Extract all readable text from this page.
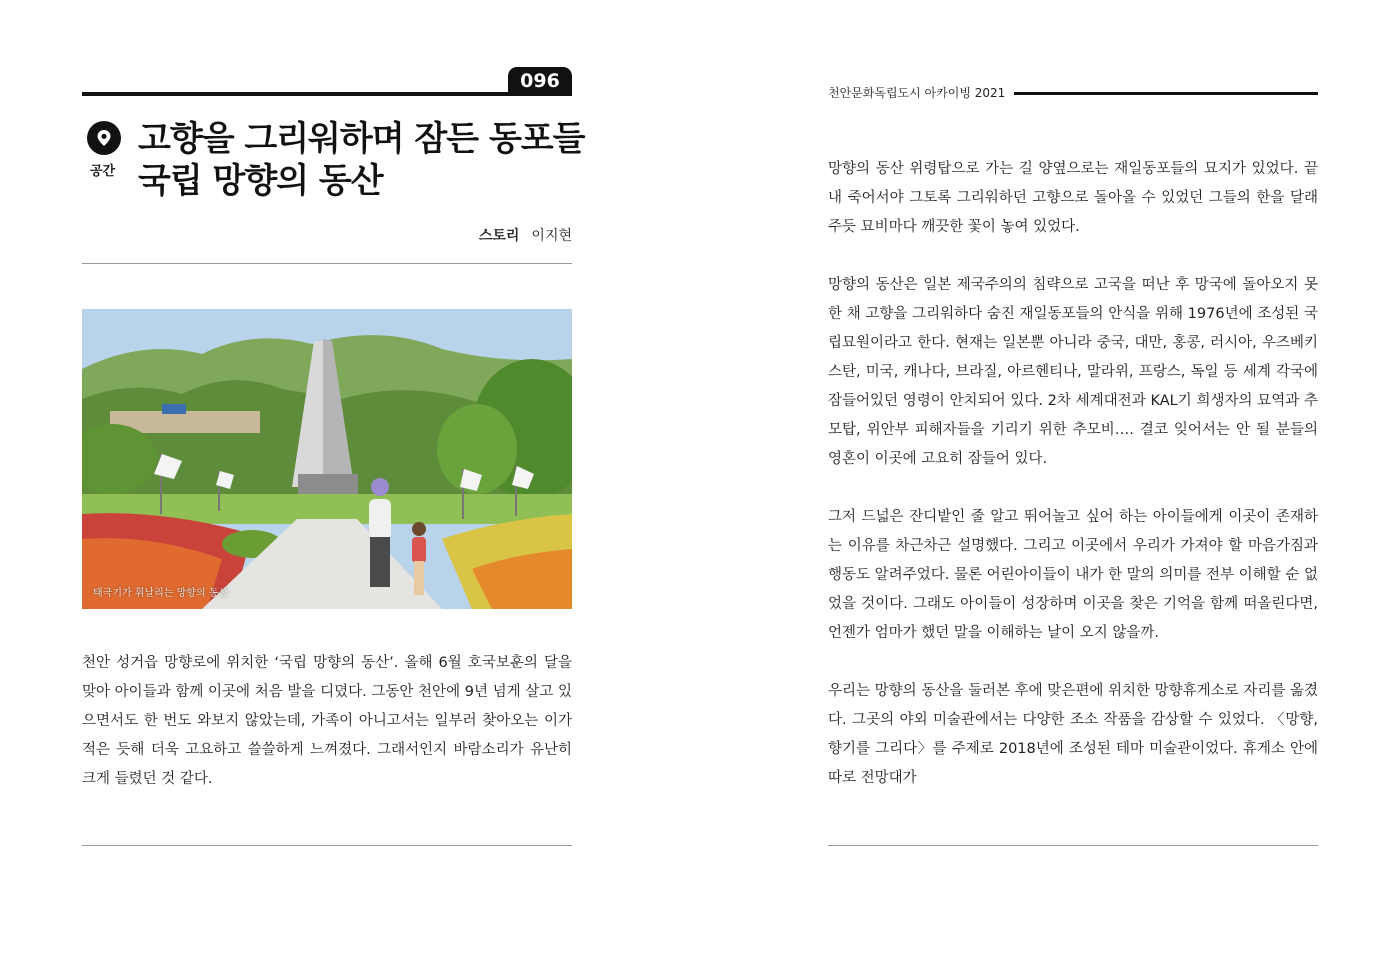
096
천안문화독립도시 아카이빙 2021
공간
고향을 그리워하며 잠든 동포들
국립 망향의 동산
스토리 이지현
태극기가 휘날리는 망향의 동산
천안 성거읍 망향로에 위치한 ‘국립 망향의 동산’. 올해 6월 호국보훈의 달을 맞아 아이들과 함께 이곳에 처음 발을 디뎠다. 그동안 천안에 9년 넘게 살고 있으면서도 한 번도 와보지 않았는데, 가족이 아니고서는 일부러 찾아오는 이가 적은 듯해 더욱 고요하고 쓸쓸하게 느껴졌다. 그래서인지 바람소리가 유난히 크게 들렸던 것 같다.

망향의 동산 위령탑으로 가는 길 양옆으로는 재일동포들의 묘지가 있었다. 끝내 죽어서야 그토록 그리워하던 고향으로 돌아올 수 있었던 그들의 한을 달래주듯 묘비마다 깨끗한 꽃이 놓여 있었다.

망향의 동산은 일본 제국주의의 침략으로 고국을 떠난 후 망국에 돌아오지 못한 채 고향을 그리워하다 숨진 재일동포들의 안식을 위해 1976년에 조성된 국립묘원이라고 한다. 현재는 일본뿐 아니라 중국, 대만, 홍콩, 러시아, 우즈베키스탄, 미국, 캐나다, 브라질, 아르헨티나, 말라위, 프랑스, 독일 등 세계 각국에 잠들어있던 영령이 안치되어 있다. 2차 세계대전과 KAL기 희생자의 묘역과 추모탑, 위안부 피해자들을 기리기 위한 추모비…. 결코 잊어서는 안 될 분들의 영혼이 이곳에 고요히 잠들어 있다.

그저 드넓은 잔디밭인 줄 알고 뛰어놀고 싶어 하는 아이들에게 이곳이 존재하는 이유를 차근차근 설명했다. 그리고 이곳에서 우리가 가져야 할 마음가짐과 행동도 알려주었다. 물론 어린아이들이 내가 한 말의 의미를 전부 이해할 순 없었을 것이다. 그래도 아이들이 성장하며 이곳을 찾은 기억을 함께 떠올린다면, 언젠가 엄마가 했던 말을 이해하는 날이 오지 않을까.

우리는 망향의 동산을 둘러본 후에 맞은편에 위치한 망향휴게소로 자리를 옮겼다. 그곳의 야외 미술관에서는 다양한 조소 작품을 감상할 수 있었다. 〈망향, 향기를 그리다〉를 주제로 2018년에 조성된 테마 미술관이었다. 휴게소 안에 따로 전망대가
